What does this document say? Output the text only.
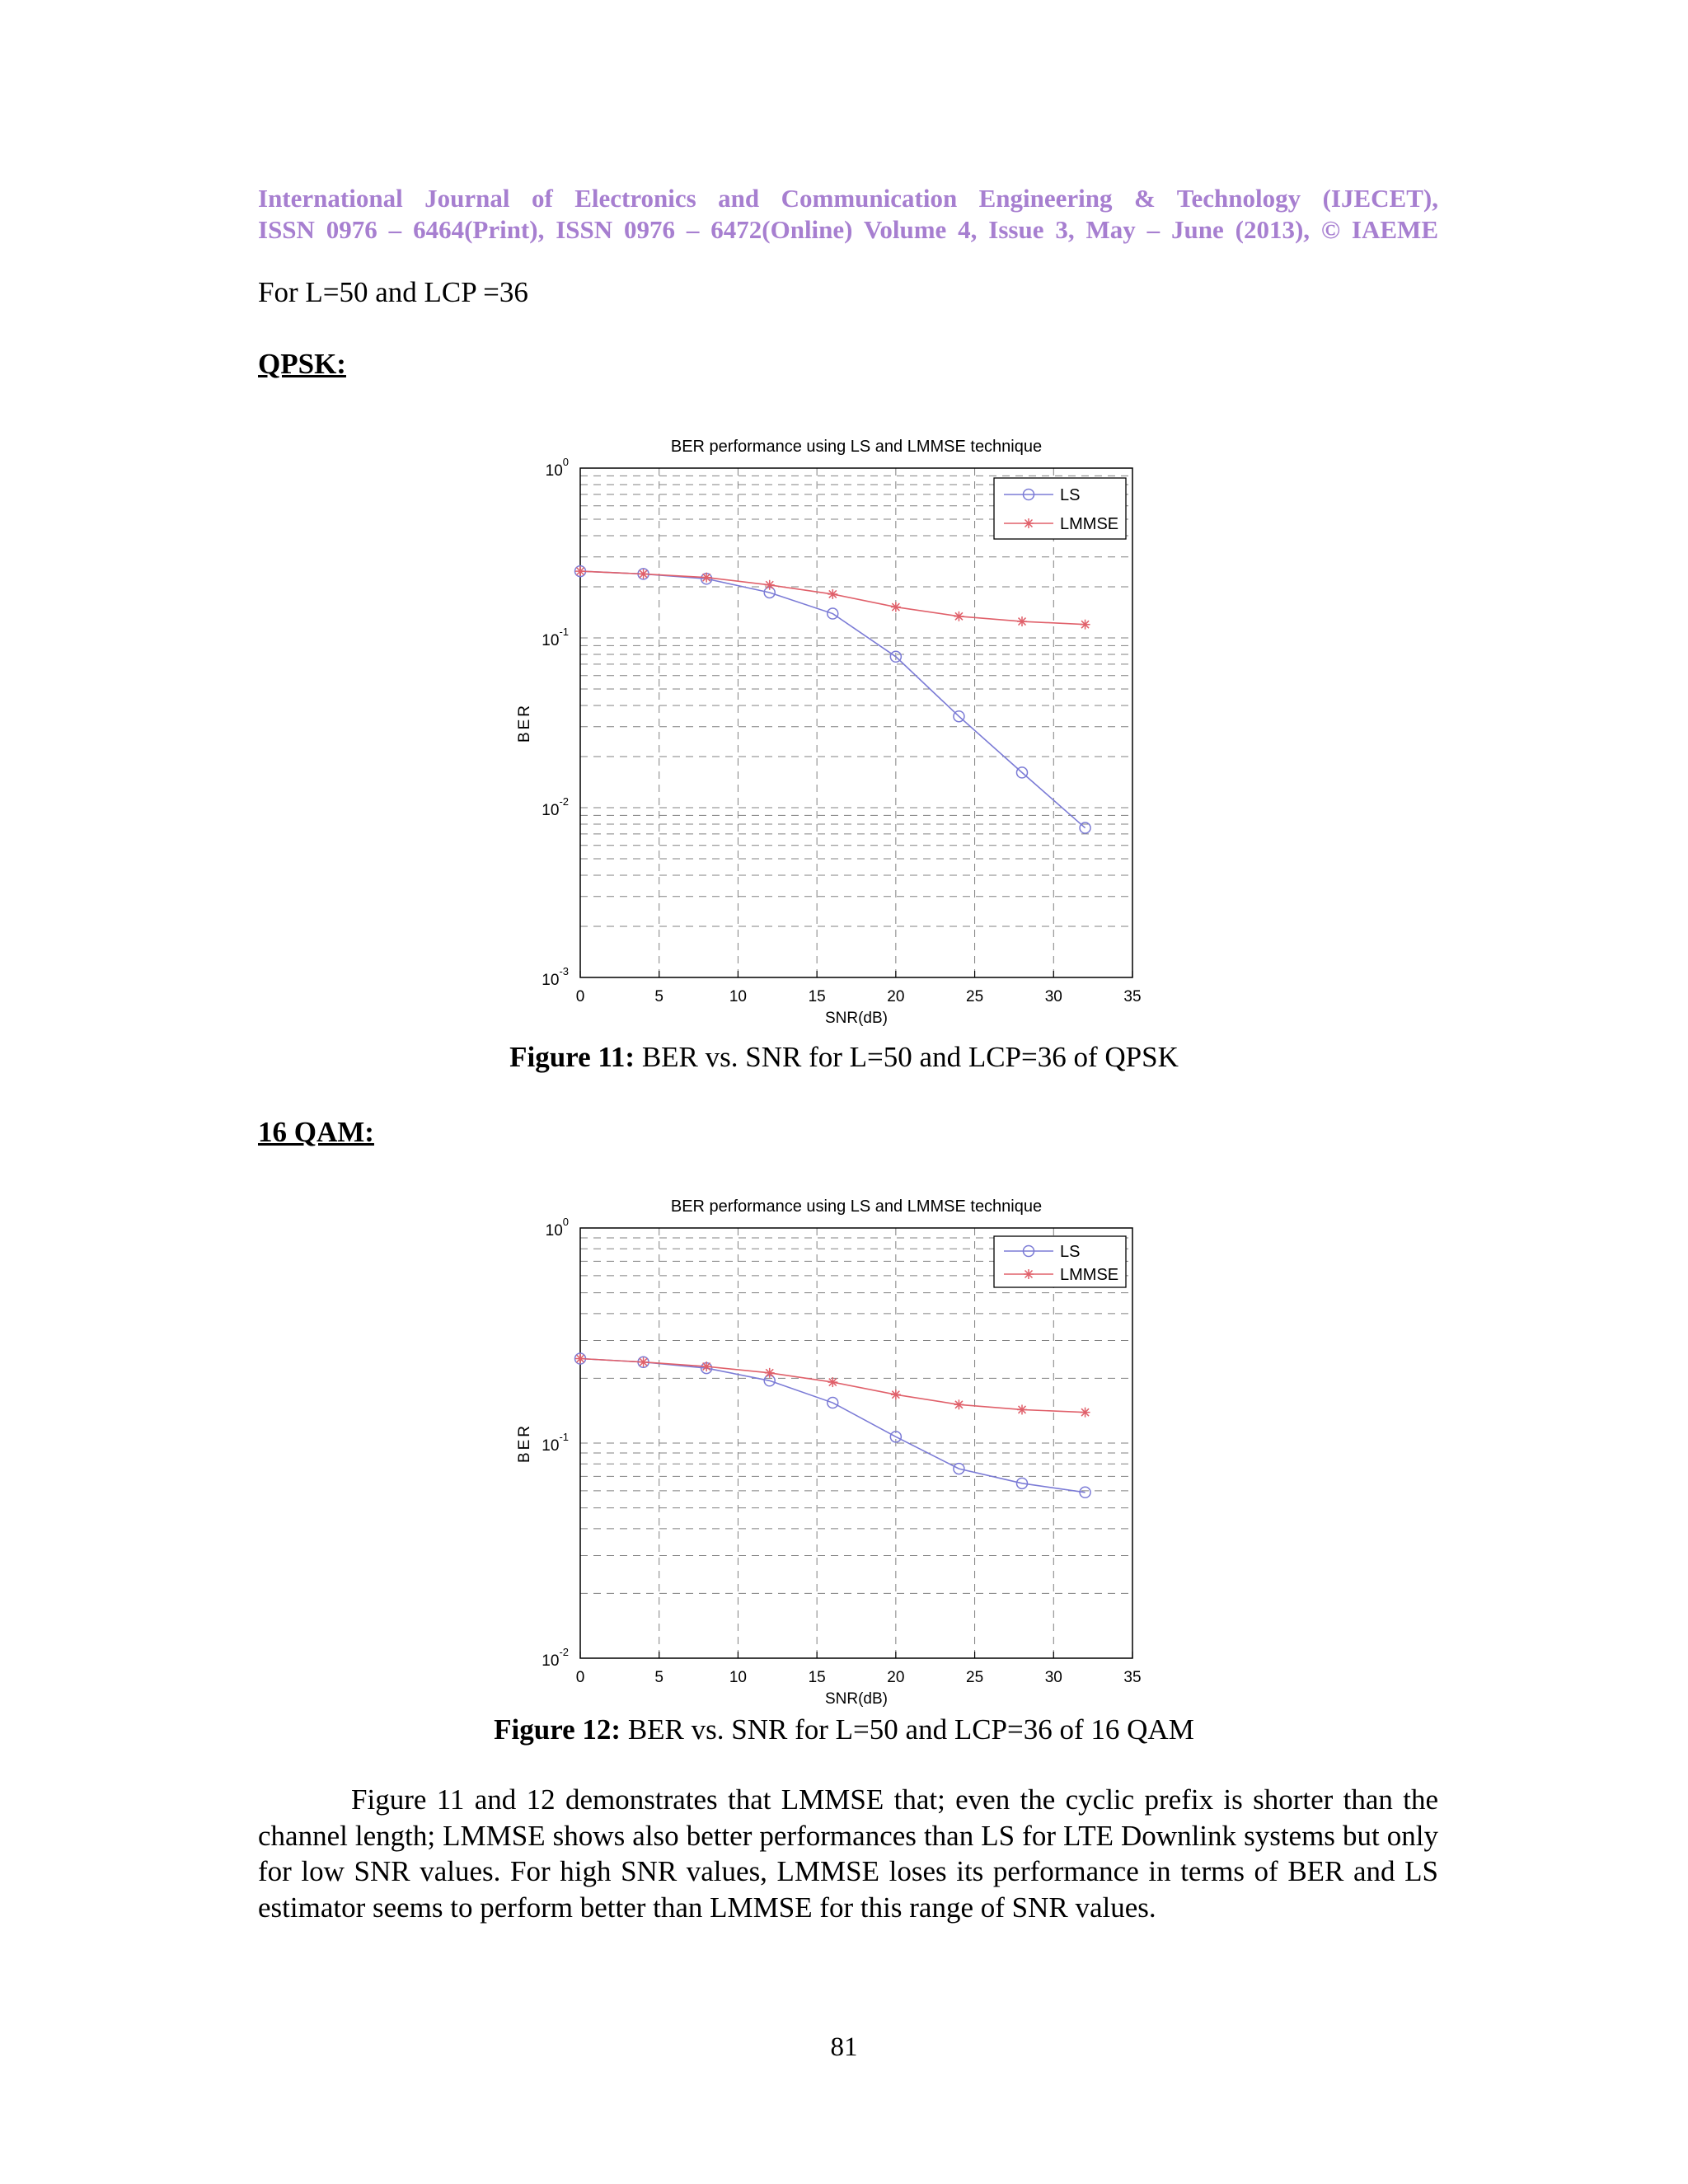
International Journal of Electronics and Communication Engineering & Technology (IJECET),
ISSN 0976 – 6464(Print), ISSN 0976 – 6472(Online) Volume 4, Issue 3, May – June (2013), © IAEME
For L=50 and LCP =36
QPSK:
0	5	10	15	20	25	30	35
$10^0$
$10^{-1}$
$10^{-2}$
$10^{-3}$
BER performance using LS and LMMSE technique
SNR(dB)
BER
LS
LMMSE
0	5	10	15	20	25	30	35
$10^0$
$10^{-1}$
$10^{-2}$
BER performance using LS and LMMSE technique
SNR(dB)
BER
LS
LMMSE
Figure 11: BER vs. SNR for L=50 and LCP=36 of QPSK
16 QAM:
Figure 12: BER vs. SNR for L=50 and LCP=36 of 16 QAM
Figure 11 and 12 demonstrates that LMMSE that; even the cyclic prefix is shorter than the channel length; LMMSE shows also better performances than LS for LTE Downlink systems but only for low SNR values. For high SNR values, LMMSE loses its performance in terms of BER and LS estimator seems to perform better than LMMSE for this range of SNR values.
81
